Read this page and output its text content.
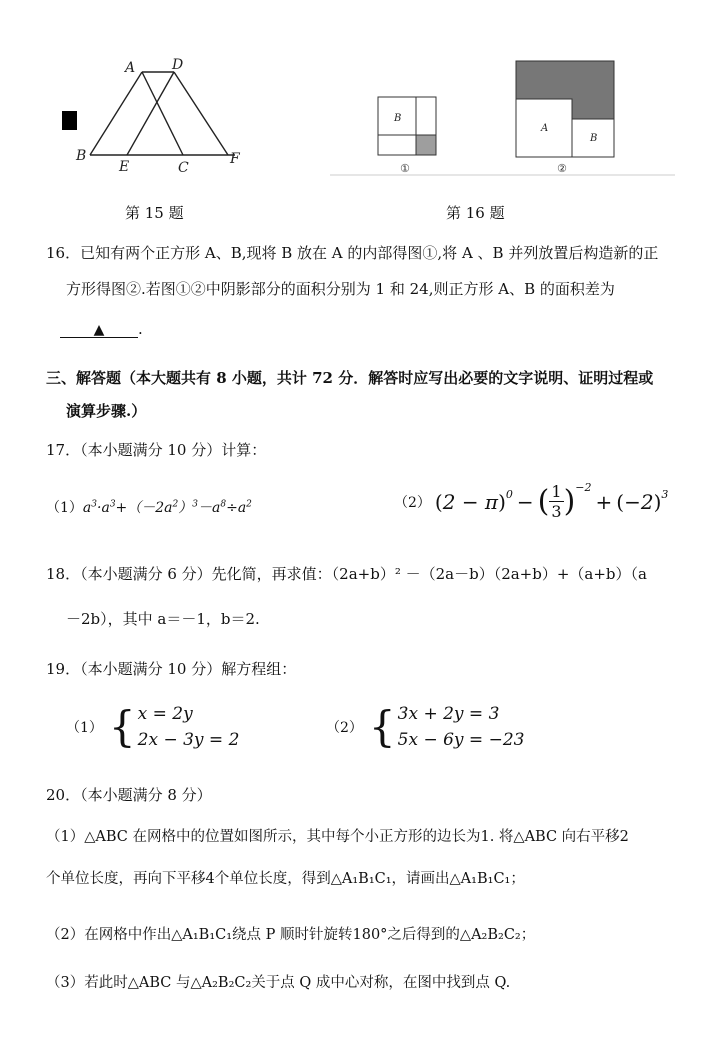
A	D
B
E	C
F
第 15 题
B
A
B
①	②
第 16 题
16．已知有两个正方形 A、B,现将 B 放在 A 的内部得图①,将 A 、B 并列放置后构造新的正
方形得图②.若图①②中阴影部分的面积分别为 1 和 24,则正方形 A、B 的面积差为
▲ .
三、解答题（本大题共有 8 小题，共计 72 分．解答时应写出必要的文字说明、证明过程或
演算步骤.）
17．（本小题满分 10 分）计算：
$(1)a^3\cdot a^3+(-2a^2)^3-a^8\div a^2$	（2） ( 2 − π )$^0$ − ( 1
3 )$^{-2}$
+ ( −2 )$^3$
18．（本小题满分 6 分）先化简，再求值：（2a+b）² －（2a－b）（2a+b）+（a+b）（a
－2b），其中 a＝－1，b＝2.
19．（本小题满分 10 分）解方程组：
（1） { x = 2y
2x − 3y = 2
（2） { 3x + 2y = 3
5x − 6y = −23
20．（本小题满分 8 分）
（1）△ABC 在网格中的位置如图所示，其中每个小正方形的边长为1. 将△ABC 向右平移2
个单位长度，再向下平移4个单位长度，得到△A₁B₁C₁，请画出△A₁B₁C₁；
（2）在网格中作出△A₁B₁C₁绕点 P 顺时针旋转180°之后得到的△A₂B₂C₂；
（3）若此时△ABC 与△A₂B₂C₂关于点 Q 成中心对称，在图中找到点 Q.
